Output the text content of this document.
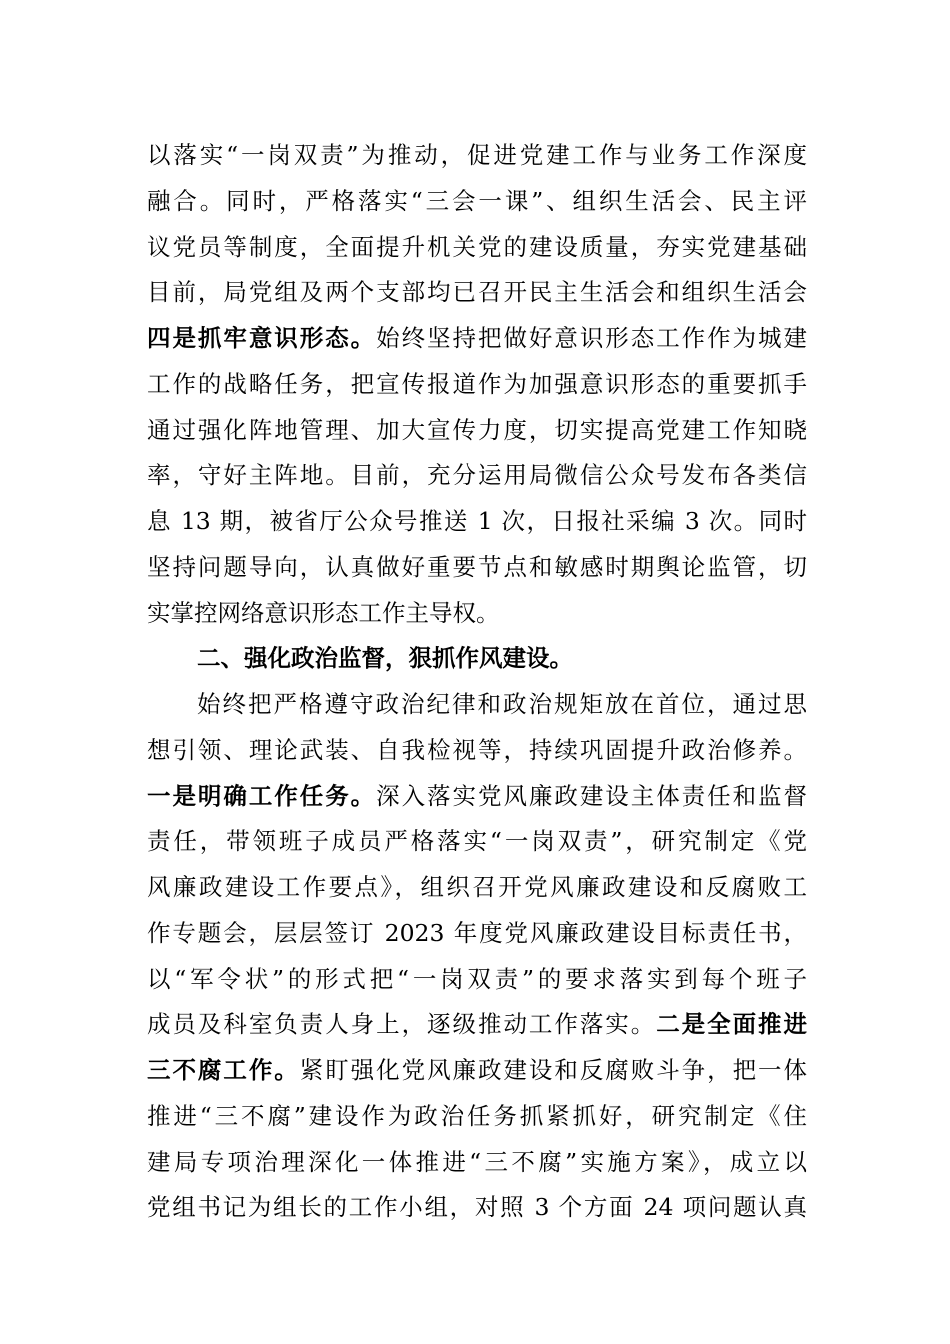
以落实“一岗双责”为推动，促进党建工作与业务工作深度
融合。同时，严格落实“三会一课”、组织生活会、民主评
议党员等制度，全面提升机关党的建设质量，夯实党建基础
目前，局党组及两个支部均已召开民主生活会和组织生活会
四是抓牢意识形态。始终坚持把做好意识形态工作作为城建
工作的战略任务，把宣传报道作为加强意识形态的重要抓手
通过强化阵地管理、加大宣传力度，切实提高党建工作知晓
率，守好主阵地。目前，充分运用局微信公众号发布各类信
息 13 期，被省厅公众号推送 1 次，日报社采编 3 次。同时
坚持问题导向，认真做好重要节点和敏感时期舆论监管，切
实掌控网络意识形态工作主导权。
二、强化政治监督，狠抓作风建设。
始终把严格遵守政治纪律和政治规矩放在首位，通过思
想引领、理论武装、自我检视等，持续巩固提升政治修养。
一是明确工作任务。深入落实党风廉政建设主体责任和监督
责任，带领班子成员严格落实“一岗双责”，研究制定《党
风廉政建设工作要点》，组织召开党风廉政建设和反腐败工
作专题会，层层签订 2023 年度党风廉政建设目标责任书，
以“军令状”的形式把“一岗双责”的要求落实到每个班子
成员及科室负责人身上，逐级推动工作落实。二是全面推进
三不腐工作。紧盯强化党风廉政建设和反腐败斗争，把一体
推进“三不腐”建设作为政治任务抓紧抓好，研究制定《住
建局专项治理深化一体推进“三不腐”实施方案》，成立以
党组书记为组长的工作小组，对照 3 个方面 24 项问题认真
